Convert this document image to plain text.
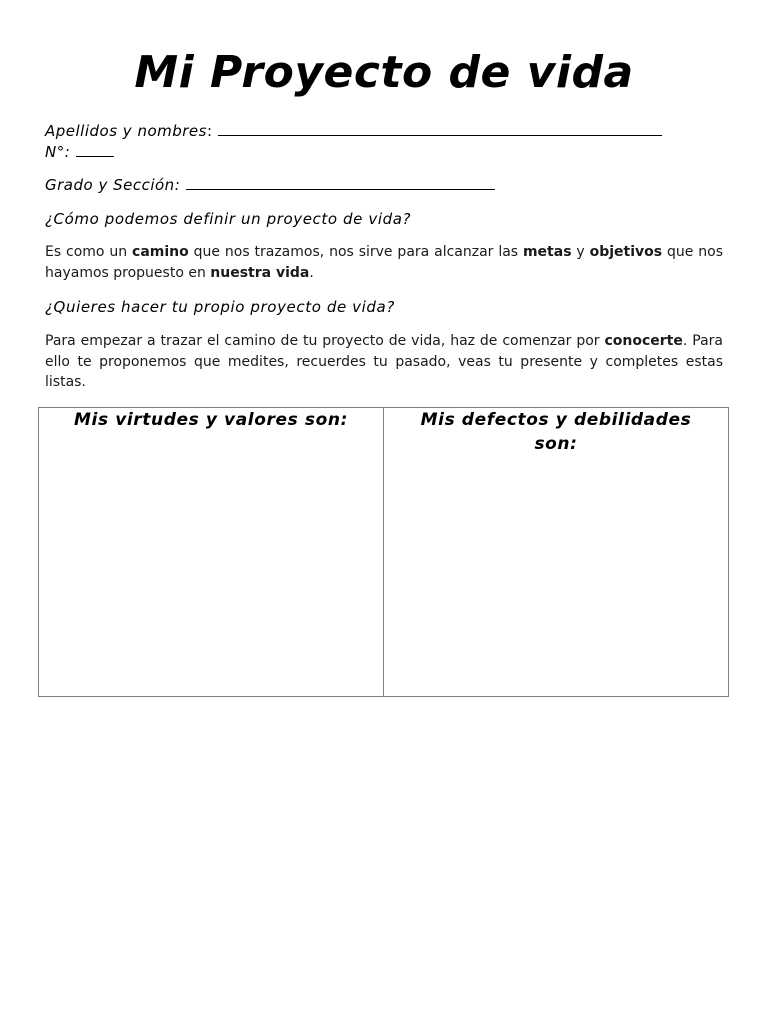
Mi Proyecto de vida
Apellidos y nombres:
N°:
Grado y Sección:
¿Cómo podemos definir un proyecto de vida?
Es como un camino que nos trazamos, nos sirve para alcanzar las metas y objetivos que nos hayamos propuesto en nuestra vida.
¿Quieres hacer tu propio proyecto de vida?
Para empezar a trazar el camino de tu proyecto de vida, haz de comenzar por conocerte. Para ello te proponemos que medites, recuerdes tu pasado, veas tu presente y completes estas listas.
Mis virtudes y valores son:	Mis defectos y debilidades son:
